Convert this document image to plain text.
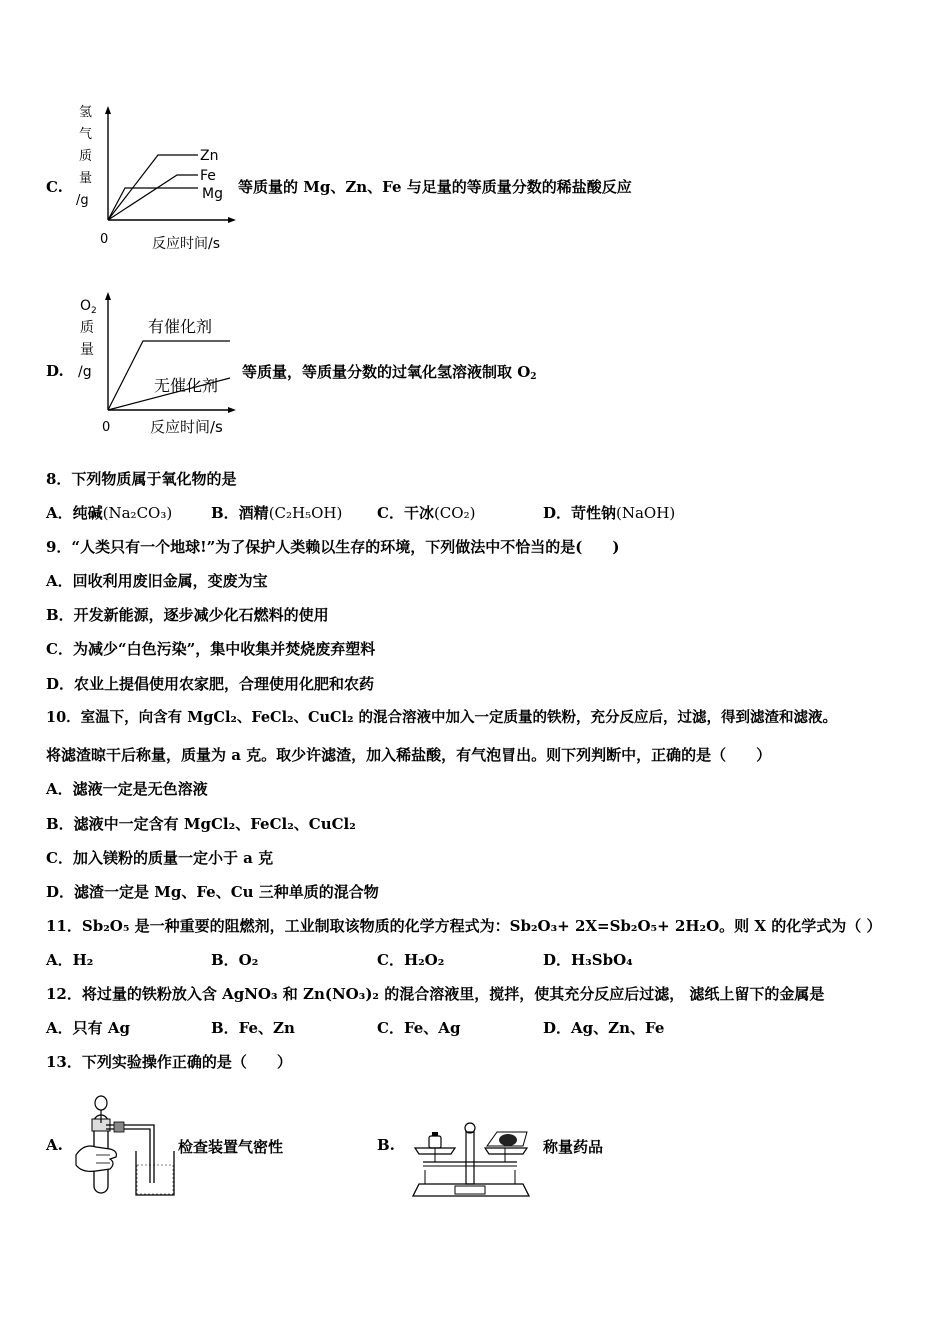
C.
氢
气
质
量
/g
Zn
Fe
Mg
0	反应时间/s
等质量的 Mg、Zn、Fe 与足量的等质量分数的稀盐酸反应
D.
$O_2$
质
量
/g
有催化剂
无催化剂
0	反应时间/s
等质量，等质量分数的过氧化氢溶液制取 $O_2$
8．下列物质属于氧化物的是
A．纯碱(Na₂CO₃)	B．酒精(C₂H₅OH) C．干冰(CO₂)	D．苛性钠(NaOH)
9．“人类只有一个地球!”为了保护人类赖以生存的环境，下列做法中不恰当的是(　　)
A．回收利用废旧金属，变废为宝
B．开发新能源，逐步减少化石燃料的使用
C．为减少“白色污染”，集中收集并焚烧废弃塑料
D．农业上提倡使用农家肥，合理使用化肥和农药
10．室温下，向含有 MgCl₂、FeCl₂、CuCl₂ 的混合溶液中加入一定质量的铁粉，充分反应后，过滤，得到滤渣和滤液。
将滤渣晾干后称量，质量为 a 克。取少许滤渣，加入稀盐酸，有气泡冒出。则下列判断中，正确的是（　　）
A．滤液一定是无色溶液
B．滤液中一定含有 MgCl₂、FeCl₂、CuCl₂
C．加入镁粉的质量一定小于 a 克
D．滤渣一定是 Mg、Fe、Cu 三种单质的混合物
11．Sb₂O₅ 是一种重要的阻燃剂，工业制取该物质的化学方程式为：Sb₂O₃+ 2X=Sb₂O₅+ 2H₂O。则 X 的化学式为（ ）
A．H₂	B．O₂	C．H₂O₂	D．H₃SbO₄
12．将过量的铁粉放入含 AgNO₃ 和 Zn(NO₃)₂ 的混合溶液里，搅拌，使其充分反应后过滤， 滤纸上留下的金属是
A．只有 Ag	B．Fe、Zn	C．Fe、Ag	D．Ag、Zn、Fe
13．下列实验操作正确的是（　　）
A.	检查装置气密性	B.	称量药品
